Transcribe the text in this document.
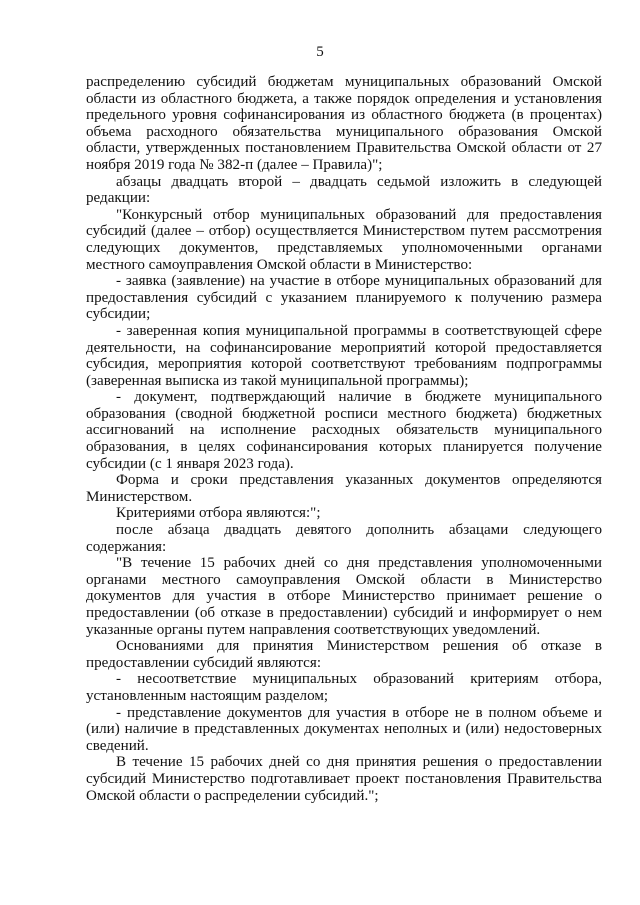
5

распределению субсидий бюджетам муниципальных образований Омской области из областного бюджета, а также порядок определения и установления предельного уровня софинансирования из областного бюджета (в процентах) объема расходного обязательства муниципального образования Омской области, утвержденных постановлением Правительства Омской области от 27 ноября 2019 года № 382-п (далее – Правила)";

абзацы двадцать второй – двадцать седьмой изложить в следующей редакции:

"Конкурсный отбор муниципальных образований для предоставления субсидий (далее – отбор) осуществляется Министерством путем рассмотрения следующих документов, представляемых уполномоченными органами местного самоуправления Омской области в Министерство:

- заявка (заявление) на участие в отборе муниципальных образований для предоставления субсидий с указанием планируемого к получению размера субсидии;

- заверенная копия муниципальной программы в соответствующей сфере деятельности, на софинансирование мероприятий которой предоставляется субсидия, мероприятия которой соответствуют требованиям подпрограммы (заверенная выписка из такой муниципальной программы);

- документ, подтверждающий наличие в бюджете муниципального образования (сводной бюджетной росписи местного бюджета) бюджетных ассигнований на исполнение расходных обязательств муниципального образования, в целях софинансирования которых планируется получение субсидии (с 1 января 2023 года).

Форма и сроки представления указанных документов определяются Министерством.

Критериями отбора являются:";

после абзаца двадцать девятого дополнить абзацами следующего содержания:

"В течение 15 рабочих дней со дня представления уполномоченными органами местного самоуправления Омской области в Министерство документов для участия в отборе Министерство принимает решение о предоставлении (об отказе в предоставлении) субсидий и информирует о нем указанные органы путем направления соответствующих уведомлений.

Основаниями для принятия Министерством решения об отказе в предоставлении субсидий являются:

- несоответствие муниципальных образований критериям отбора, установленным настоящим разделом;

- представление документов для участия в отборе не в полном объеме и (или) наличие в представленных документах неполных и (или) недостоверных сведений.

В течение 15 рабочих дней со дня принятия решения о предоставлении субсидий Министерство подготавливает проект постановления Правительства Омской области о распределении субсидий.";
